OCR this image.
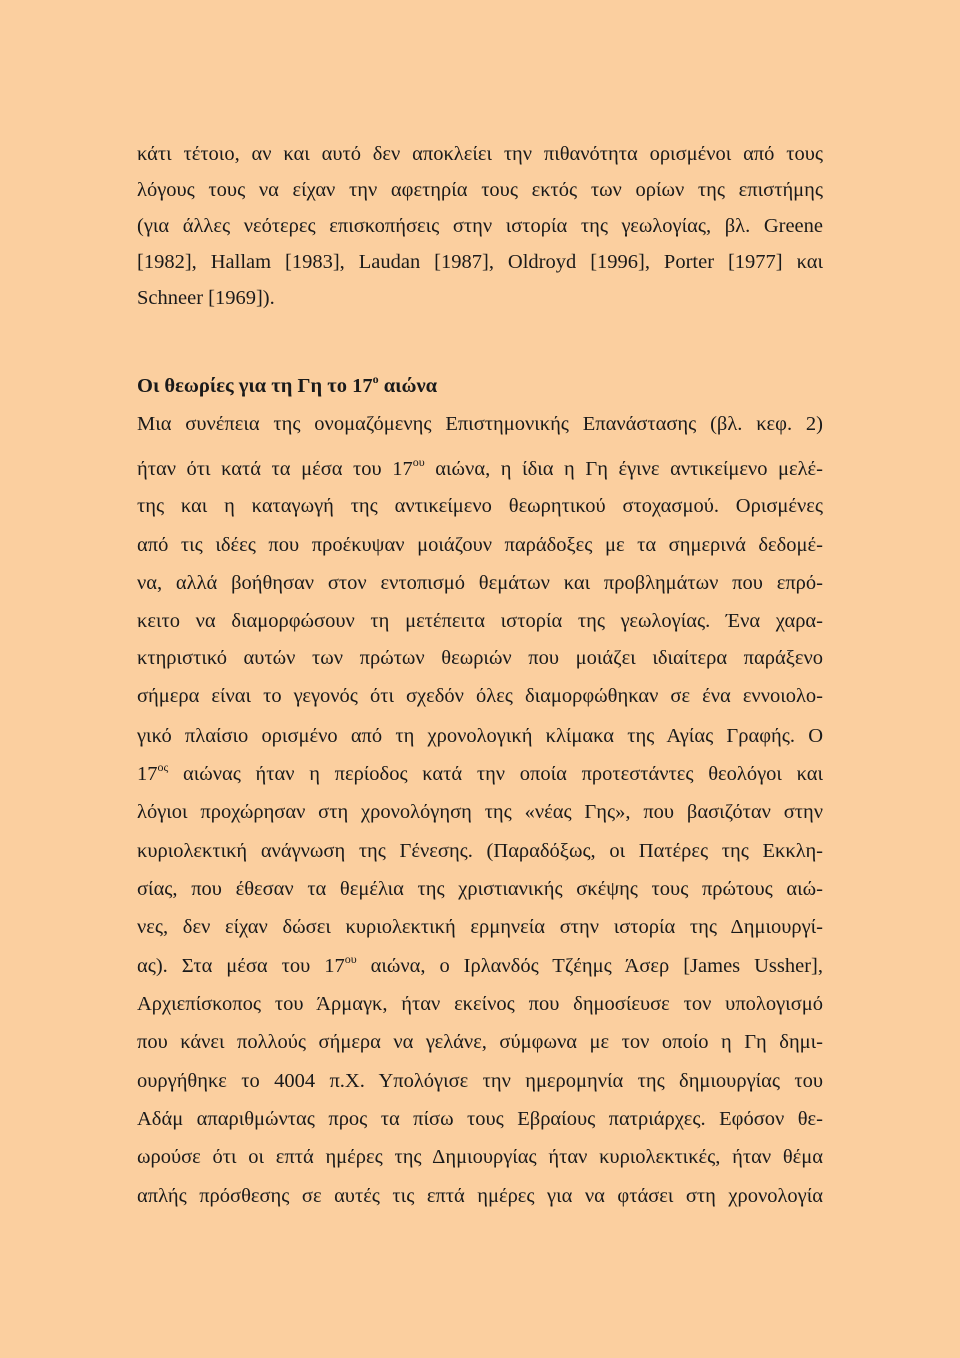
κάτι τέτοιο, αν και αυτό δεν αποκλείει την πιθανότητα ορισμένοι από τους
λόγους τους να είχαν την αφετηρία τους εκτός των ορίων της επιστήμης
(για άλλες νεότερες επισκοπήσεις στην ιστορία της γεωλογίας, βλ. Greene
[1982], Hallam [1983], Laudan [1987], Oldroyd [1996], Porter [1977] και
Schneer [1969]).
Οι θεωρίες για τη Γη το $17^o$ αιώνα
Μια συνέπεια της ονομαζόμενης Επιστημονικής Επανάστασης (βλ. κεφ. 2)
ήταν ότι κατά τα μέσα του $17^{o\upsilon}$ αιώνα, η ίδια η Γη έγινε αντικείμενο μελέ-
της και η καταγωγή της αντικείμενο θεωρητικού στοχασμού. Ορισμένες
από τις ιδέες που προέκυψαν μοιάζουν παράδοξες με τα σημερινά δεδομέ-
να, αλλά βοήθησαν στον εντοπισμό θεμάτων και προβλημάτων που επρό-
κειτο να διαμορφώσουν τη μετέπειτα ιστορία της γεωλογίας. Ένα χαρα-
κτηριστικό αυτών των πρώτων θεωριών που μοιάζει ιδιαίτερα παράξενο
σήμερα είναι το γεγονός ότι σχεδόν όλες διαμορφώθηκαν σε ένα εννοιολο-
γικό πλαίσιο ορισμένο από τη χρονολογική κλίμακα της Αγίας Γραφής. Ο
$17^{o\varsigma}$ αιώνας ήταν η περίοδος κατά την οποία προτεστάντες θεολόγοι και
λόγιοι προχώρησαν στη χρονολόγηση της «νέας Γης», που βασιζόταν στην
κυριολεκτική ανάγνωση της Γένεσης. (Παραδόξως, οι Πατέρες της Εκκλη-
σίας, που έθεσαν τα θεμέλια της χριστιανικής σκέψης τους πρώτους αιώ-
νες, δεν είχαν δώσει κυριολεκτική ερμηνεία στην ιστορία της Δημιουργί-
ας). Στα μέσα του $17^{o\upsilon}$ αιώνα, ο Ιρλανδός Τζέημς Άσερ [James Ussher],
Αρχιεπίσκοπος του Άρμαγκ, ήταν εκείνος που δημοσίευσε τον υπολογισμό
που κάνει πολλούς σήμερα να γελάνε, σύμφωνα με τον οποίο η Γη δημι-
ουργήθηκε το 4004 π.Χ. Υπολόγισε την ημερομηνία της δημιουργίας του
Αδάμ απαριθμώντας προς τα πίσω τους Εβραίους πατριάρχες. Εφόσον θε-
ωρούσε ότι οι επτά ημέρες της Δημιουργίας ήταν κυριολεκτικές, ήταν θέμα
απλής πρόσθεσης σε αυτές τις επτά ημέρες για να φτάσει στη χρονολογία
